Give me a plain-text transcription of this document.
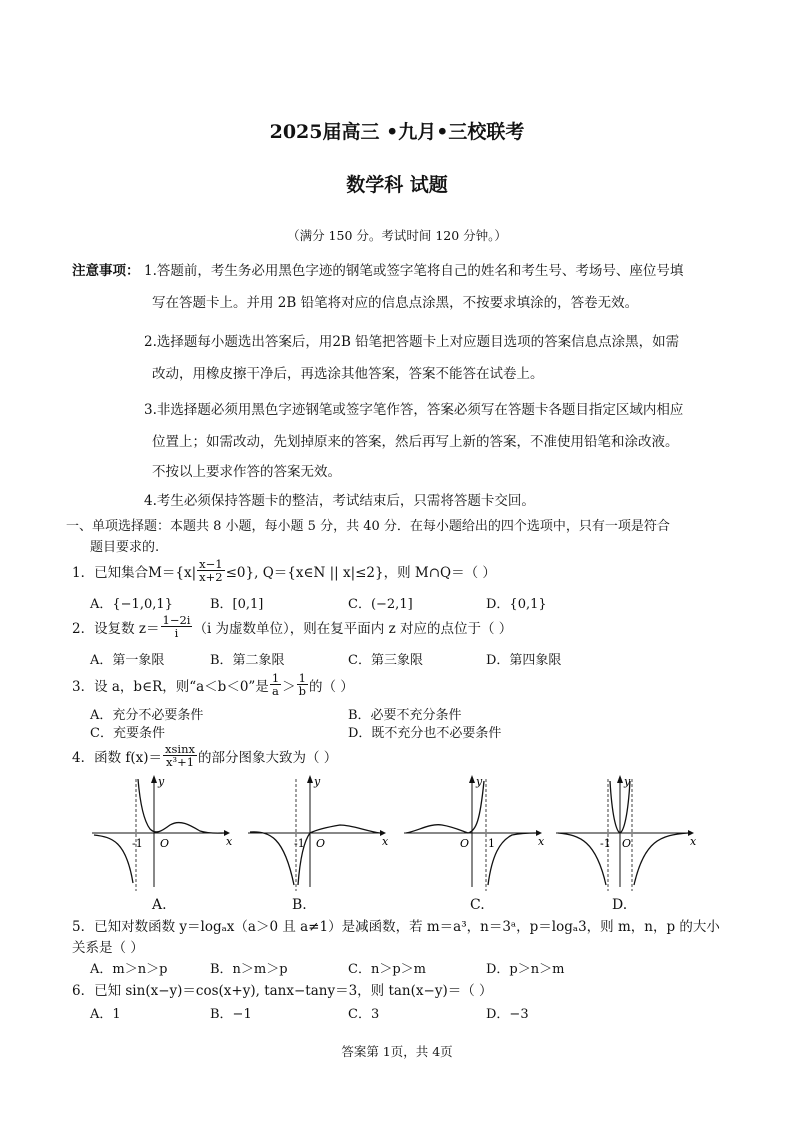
2025届高三 •九月•三校联考
数学科 试题
（满分 150 分。考试时间 120 分钟。）
注意事项： 1.答题前，考生务必用黑色字迹的钢笔或签字笔将自己的姓名和考生号、考场号、座位号填
写在答题卡上。并用 2B 铅笔将对应的信息点涂黑，不按要求填涂的，答卷无效。
2.选择题每小题选出答案后，用2B 铅笔把答题卡上对应题目选项的答案信息点涂黑，如需
改动，用橡皮擦干净后，再选涂其他答案，答案不能答在试卷上。
3.非选择题必须用黑色字迹钢笔或签字笔作答，答案必须写在答题卡各题目指定区域内相应
位置上；如需改动，先划掉原来的答案，然后再写上新的答案，不准使用铅笔和涂改液。
不按以上要求作答的答案无效。
4.考生必须保持答题卡的整洁，考试结束后，只需将答题卡交回。
一、单项选择题：本题共 8 小题，每小题 5 分，共 40 分．在每小题给出的四个选项中，只有一项是符合
题目要求的.
1．已知集合 $M=\{x| \frac{x-1}{x+2} \le 0\}$, Q＝{x∈N || x|≤2}，则 M∩Q＝（ ）
A．{−1,0,1}	B．[0,1]	C．(−2,1]	D．{0,1}
2．设复数 $z= \frac{1-2i}{i} (i$ 为虚数单位），则在复平面内 z 对应的点位于（ ）
A．第一象限	B．第二象限	C．第三象限	D．第四象限
3．设 a，b∈R，则“a＜b＜0”是 $\frac{1}{a} > \frac{1}{b}$ 的（ ）
A．充分不必要条件	B．必要不充分条件
C．充要条件	D．既不充分也不必要条件
4．函数 $f(x)= \frac{xsinx}{\text{x³+1}}$ 的部分图象大致为（ ）
y
x
O
-1
A.
y
x
O
-1
B.
y
x
O 1
C.
y
x
O
-1
D.
5．已知对数函数 y＝logₐx（a＞0 且 a≠1）是减函数，若 m＝a³，n＝3ᵃ，p＝logₐ3，则 m，n，p 的大小
关系是（ ）
A．m＞n＞p	B．n＞m＞p	C．n＞p＞m	D．p＞n＞m
6．已知 sin(x−y)＝cos(x+y), tanx−tany＝3，则 tan(x−y)＝（ ）
A．1	B．−1	C．3	D．−3
答案第 1页，共 4页
